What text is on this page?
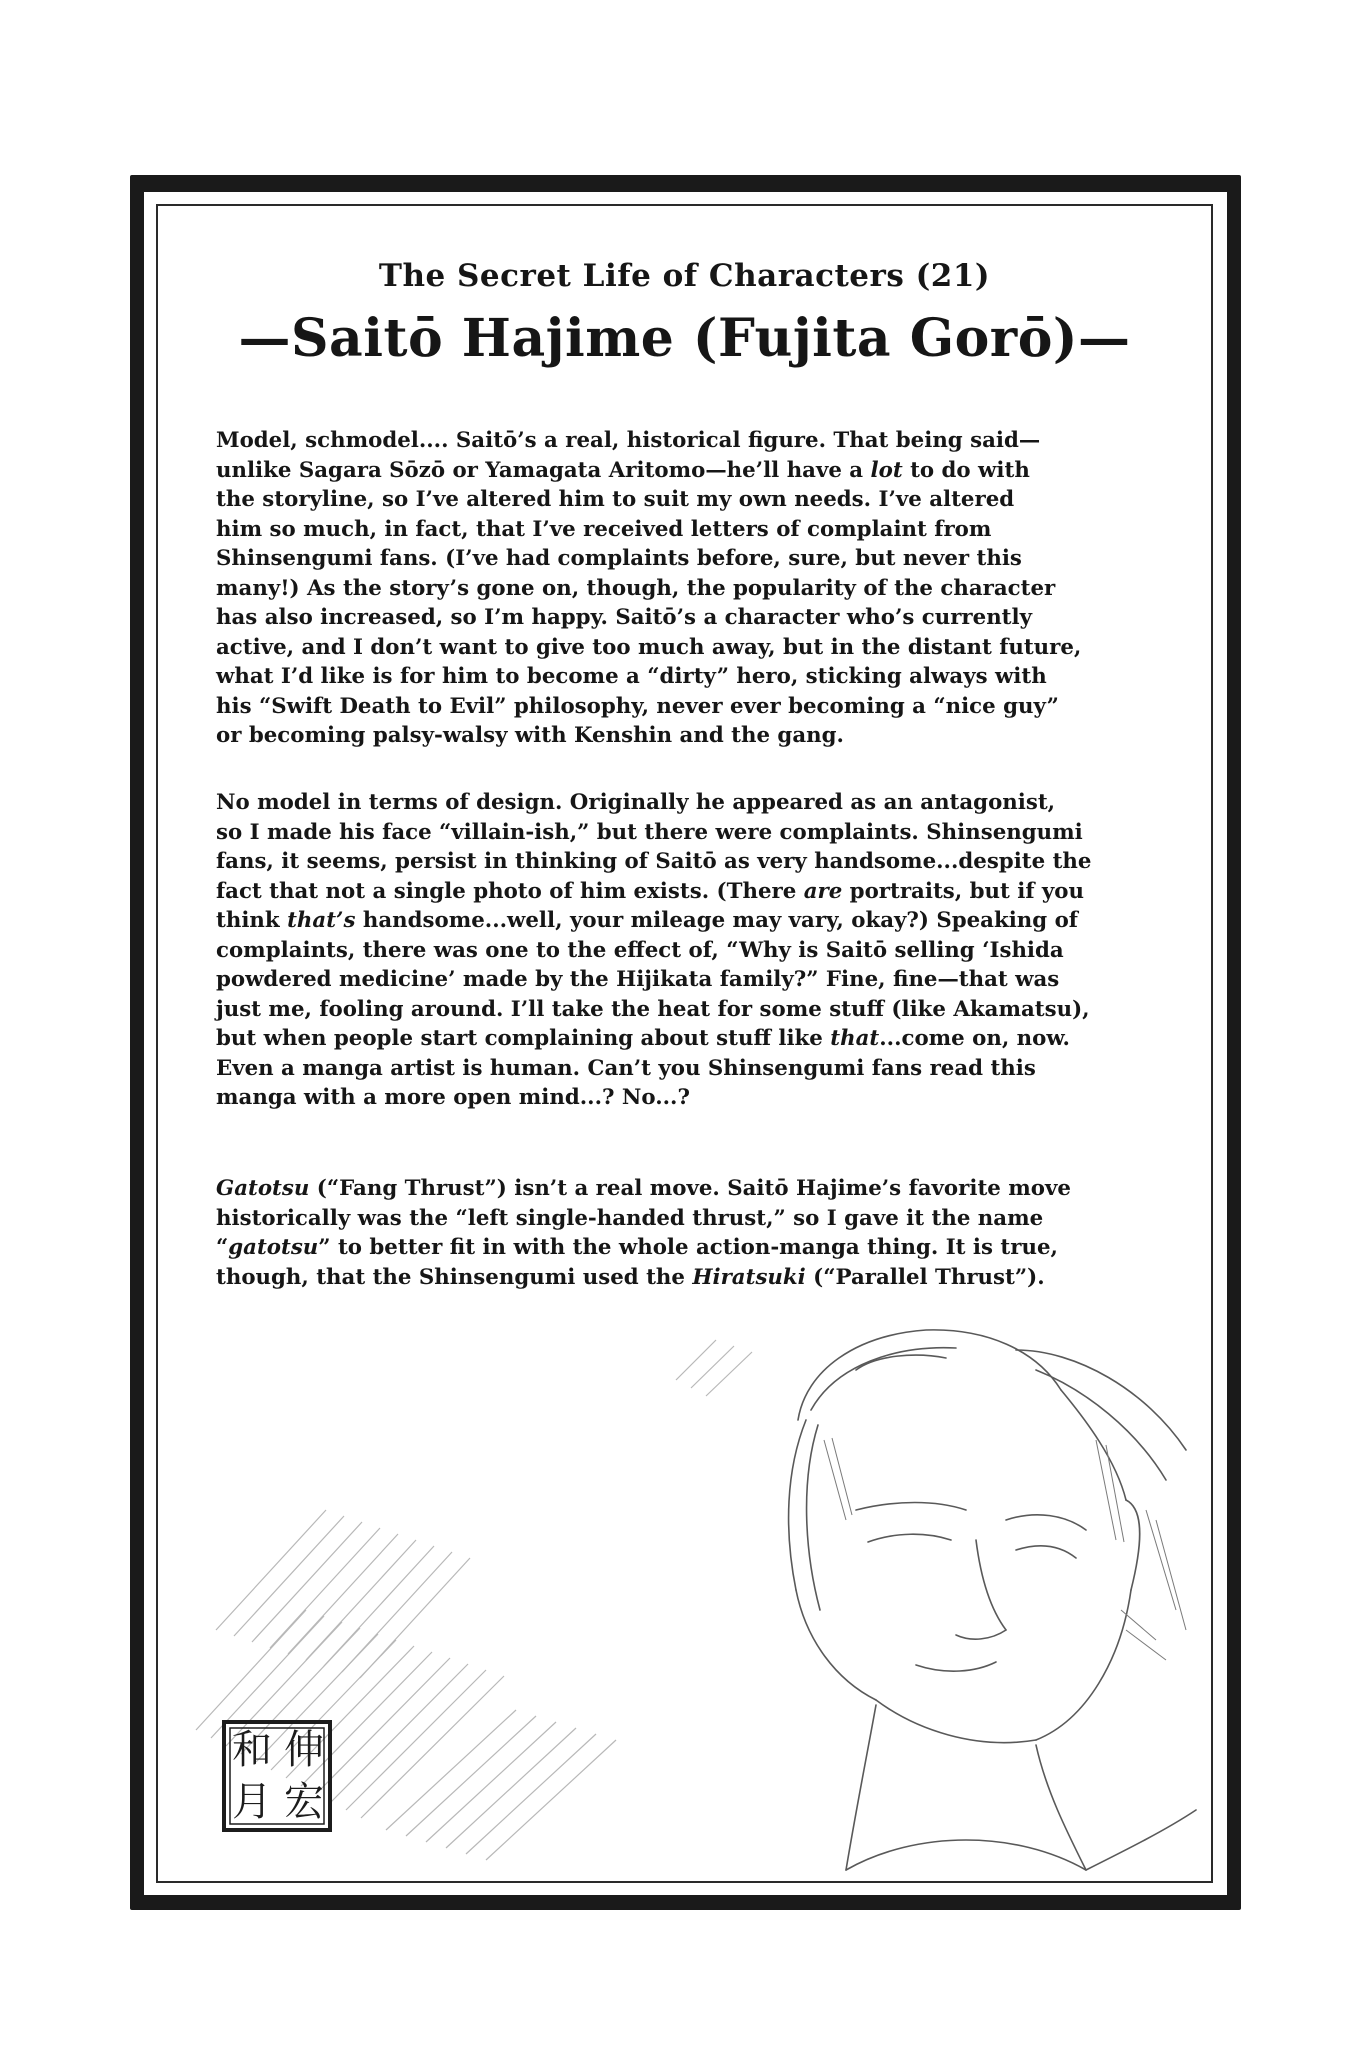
The Secret Life of Characters (21)
—Saitō Hajime (Fujita Gorō)—

Model, schmodel.... Saitō’s a real, historical figure. That being said—
unlike Sagara Sōzō or Yamagata Aritomo—he’ll have a lot to do with
the storyline, so I’ve altered him to suit my own needs. I’ve altered
him so much, in fact, that I’ve received letters of complaint from
Shinsengumi fans. (I’ve had complaints before, sure, but never this
many!) As the story’s gone on, though, the popularity of the character
has also increased, so I’m happy. Saitō’s a character who’s currently
active, and I don’t want to give too much away, but in the distant future,
what I’d like is for him to become a “dirty” hero, sticking always with
his “Swift Death to Evil” philosophy, never ever becoming a “nice guy”
or becoming palsy-walsy with Kenshin and the gang.

No model in terms of design. Originally he appeared as an antagonist,
so I made his face “villain-ish,” but there were complaints. Shinsengumi
fans, it seems, persist in thinking of Saitō as very handsome...despite the
fact that not a single photo of him exists. (There are portraits, but if you
think that’s handsome...well, your mileage may vary, okay?) Speaking of
complaints, there was one to the effect of, “Why is Saitō selling ‘Ishida
powdered medicine’ made by the Hijikata family?” Fine, fine—that was
just me, fooling around. I’ll take the heat for some stuff (like Akamatsu),
but when people start complaining about stuff like that...come on, now.
Even a manga artist is human. Can’t you Shinsengumi fans read this
manga with a more open mind...? No...?

Gatotsu (“Fang Thrust”) isn’t a real move. Saitō Hajime’s favorite move
historically was the “left single-handed thrust,” so I gave it the name
“gatotsu” to better fit in with the whole action-manga thing. It is true,
though, that the Shinsengumi used the Hiratsuki (“Parallel Thrust”).

伸
宏
和
月
